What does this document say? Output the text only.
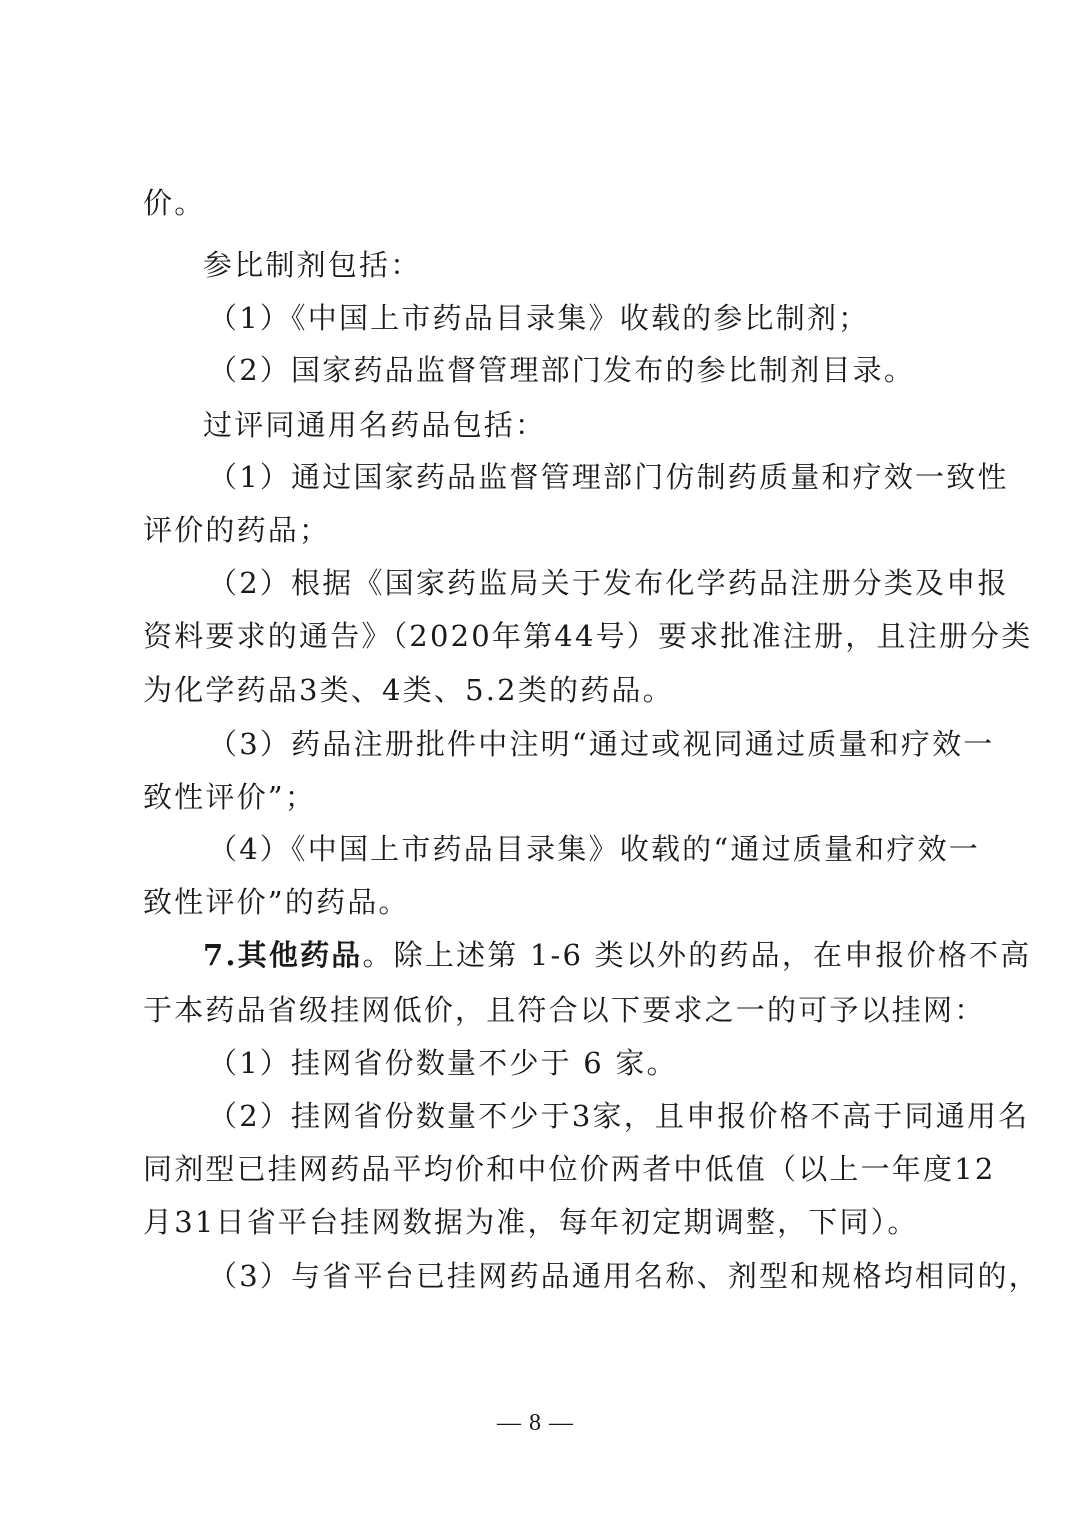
价。
参比制剂包括：
（1）《中国上市药品目录集》收载的参比制剂；
（2）国家药品监督管理部门发布的参比制剂目录。
过评同通用名药品包括：
（1）通过国家药品监督管理部门仿制药质量和疗效一致性
评价的药品；
（2）根据《国家药监局关于发布化学药品注册分类及申报
资料要求的通告》（2020年第44号）要求批准注册，且注册分类
为化学药品3类、4类、5.2类的药品。
（3）药品注册批件中注明“通过或视同通过质量和疗效一
致性评价”；
（4）《中国上市药品目录集》收载的“通过质量和疗效一
致性评价”的药品。
7.其他药品。除上述第 1-6 类以外的药品，在申报价格不高
于本药品省级挂网低价，且符合以下要求之一的可予以挂网：
（1）挂网省份数量不少于 6 家。
（2）挂网省份数量不少于3家，且申报价格不高于同通用名
同剂型已挂网药品平均价和中位价两者中低值（以上一年度12
月31日省平台挂网数据为准，每年初定期调整，下同）。
（3）与省平台已挂网药品通用名称、剂型和规格均相同的，
— 8 —
